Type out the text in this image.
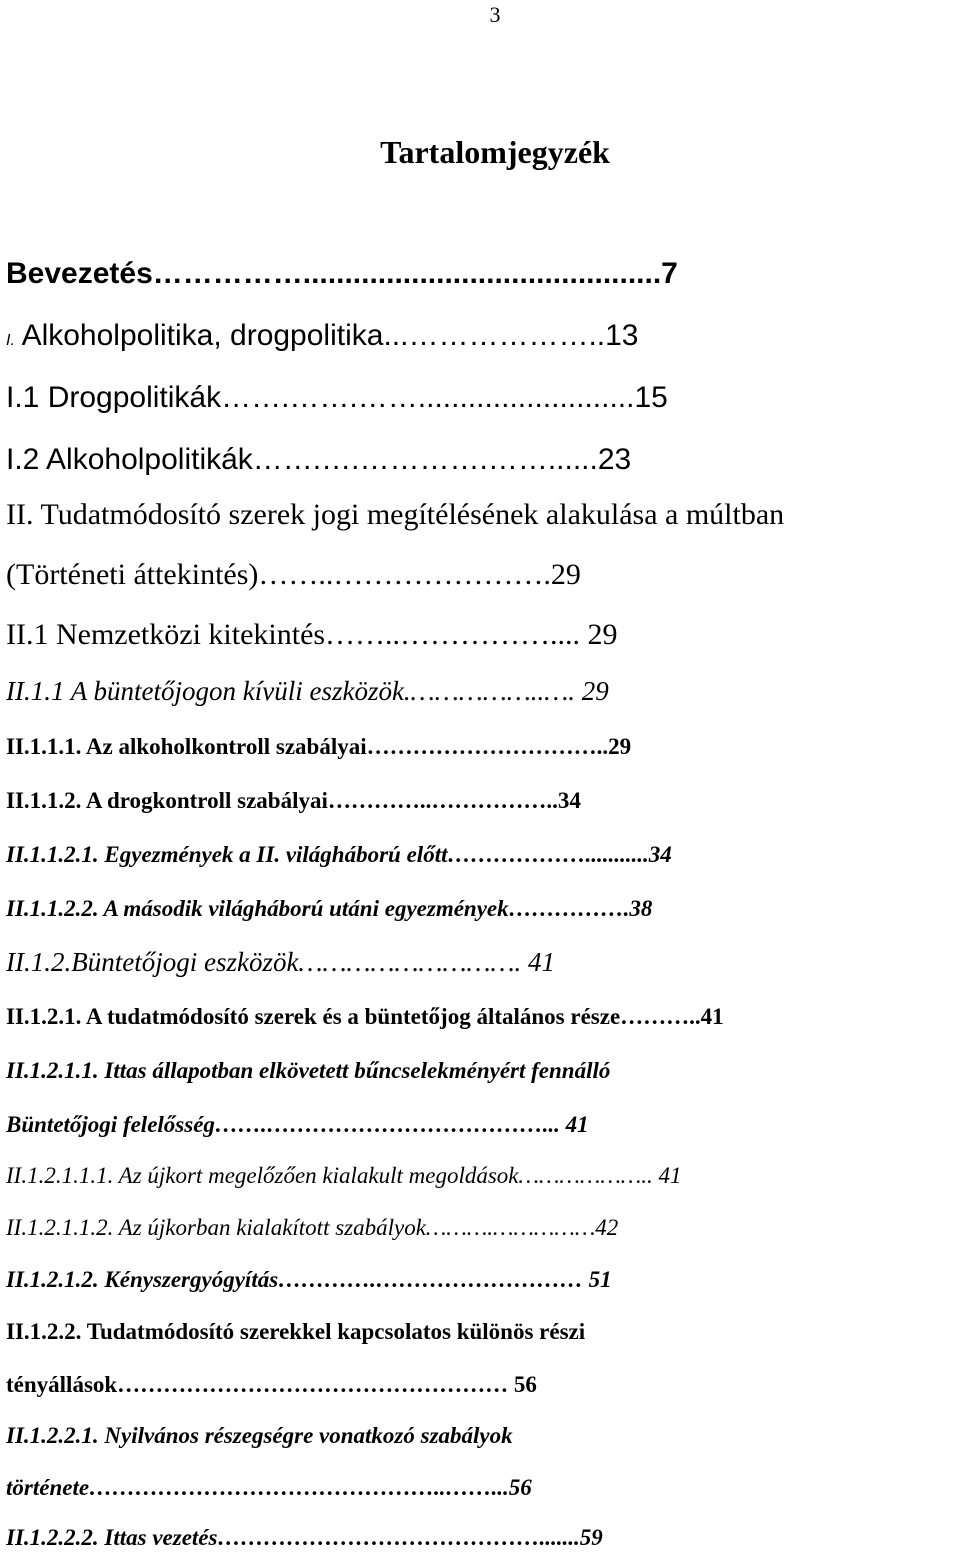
3
Tartalomjegyzék
Bevezetés……………...........................................7
I. Alkoholpolitika, drogpolitika...………………..13
I.1 Drogpolitikák…….…….……..........................15
I.2 Alkoholpolitikák…….….………….……......23
II. Tudatmódosító szerek jogi megítélésének alakulása a múltban
(Történeti áttekintés)……..………………….29
II.1 Nemzetközi kitekintés……..…………….... 29
II.1.1 A büntetőjogon kívüli eszközök.……………..…. 29
II.1.1.1. Az alkoholkontroll szabályai…………………………..29
II.1.1.2. A drogkontroll szabályai…………..……………..34
II.1.1.2.1. Egyezmények a II. világháború előtt………………...........34
II.1.1.2.2. A második világháború utáni egyezmények…………….38
II.1.2.Büntetőjogi eszközök………………………. 41
II.1.2.1. A tudatmódosító szerek és a büntetőjog általános része………..41
II.1.2.1.1. Ittas állapotban elkövetett bűncselekményért fennálló
Büntetőjogi felelősség…….………………………………... 41
II.1.2.1.1.1. Az újkort megelőzően kialakult megoldások……………….. 41
II.1.2.1.1.2. Az újkorban kialakított szabályok……….……………42
II.1.2.1.2. Kényszergyógyítás………….……………………… 51
II.1.2.2. Tudatmódosító szerekkel kapcsolatos különös részi
tényállások…………………………………………… 56
II.1.2.2.1. Nyilvános részegségre vonatkozó szabályok
története………………………………………..……...56
II.1.2.2.2. Ittas vezetés…………………………………….......59
